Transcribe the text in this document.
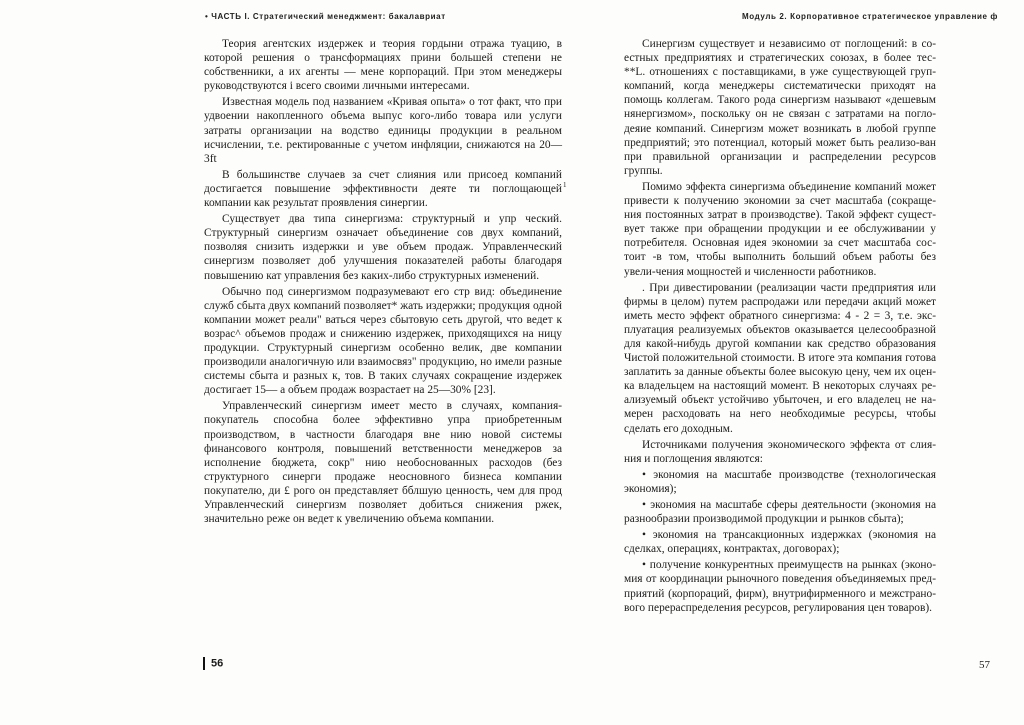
• ЧАСТЬ I. Стратегический менеджмент: бакалавриат

Теория агентских издержек и теория гордыни отража туацию, в которой решения о трансформациях прини большей степени не собственники, а их агенты — мене корпораций. При этом менеджеры руководствуются і всего своими личными интересами.

Известная модель под названием «Кривая опыта» о тот факт, что при удвоении накопленного объема выпус кого-либо товара или услуги затраты организации на водство единицы продукции в реальном исчислении, т.е. ректированные с учетом инфляции, снижаются на 20—3ft

В большинстве случаев за счет слияния или присоед компаний достигается повышение эффективности деяте ти поглощающей компании как результат проявления синергии.

Существует два типа синергизма: структурный и упр ческий. Структурный синергизм означает объединение сов двух компаний, позволяя снизить издержки и уве объем продаж. Управленческий синергизм позволяет доб улучшения показателей работы благодаря повышению кат управления без каких-либо структурных изменений.

Обычно под синергизмом подразумевают его стр вид: объединение служб сбыта двух компаний позволяет* жать издержки; продукция одной компании может реали" ваться через сбытовую сеть другой, что ведет к возрас^ объемов продаж и снижению издержек, приходящихся на ницу продукции. Структурный синергизм особенно велик, две компании производили аналогичную или взаимосвяз" продукцию, но имели разные системы сбыта и разных к, тов. В таких случаях сокращение издержек достигает 15— а объем продаж возрастает на 25—30% [23].

Управленческий синергизм имеет место в случаях, компания-покупатель способна более эффективно упра приобретенным производством, в частности благодаря вне нию новой системы финансового контроля, повышений ветственности менеджеров за исполнение бюджета, сокр" нию необоснованных расходов (без структурного синерги продаже неосновного бизнеса компании покупателю, ди £ рого он представляет бблшую ценность, чем для прод Управленческий синергизм позволяет добиться снижения ржек, значительно реже он ведет к увеличению объема компании.

1
56
Модуль 2. Корпоративное стратегическое управление ф

Синергизм существует и независимо от поглощений: в со-естных предприятиях и стратегических союзах, в более тес-**L. отношениях с поставщиками, в уже существующей груп-компаний, когда менеджеры систематически приходят на помощь коллегам. Такого рода синергизм называют «дешевым нянергизмом», поскольку он не связан с затратами на погло-деяие компаний. Синергизм может возникать в любой группе предприятий; это потенциал, который может быть реализо-ван при правильной организации и распределении ресурсов группы.

Помимо эффекта синергизма объединение компаний может привести к получению экономии за счет масштаба (сокраще-ния постоянных затрат в производстве). Такой эффект сущест-вует также при обращении продукции и ее обслуживании у потребителя. Основная идея экономии за счет масштаба сос-тоит -в том, чтобы выполнить больший объем работы без увели-чения мощностей и численности работников.

. При дивестировании (реализации части предприятия или фирмы в целом) путем распродажи или передачи акций может иметь место эффект обратного синергизма: 4 - 2 = 3, т.е. экс-плуатация реализуемых объектов оказывается целесообразной для какой-нибудь другой компании как средство образования Чистой положительной стоимости. В итоге эта компания готова заплатить за данные объекты более высокую цену, чем их оцен-ка владельцем на настоящий момент. В некоторых случаях ре-ализуемый объект устойчиво убыточен, и его владелец не на-мерен расходовать на него необходимые ресурсы, чтобы сделать его доходным.

Источниками получения экономического эффекта от слия-ния и поглощения являются:

• экономия на масштабе производстве (технологическая экономия);

• экономия на масштабе сферы деятельности (экономия на разнообразии производимой продукции и рынков сбыта);

• экономия на трансакционных издержках (экономия на сделках, операциях, контрактах, договорах);

• получение конкурентных преимуществ на рынках (эконо-мия от координации рыночного поведения объединяемых пред-приятий (корпораций, фирм), внутрифирменного и межстрано-вого перераспределения ресурсов, регулирования цен товаров).

57
